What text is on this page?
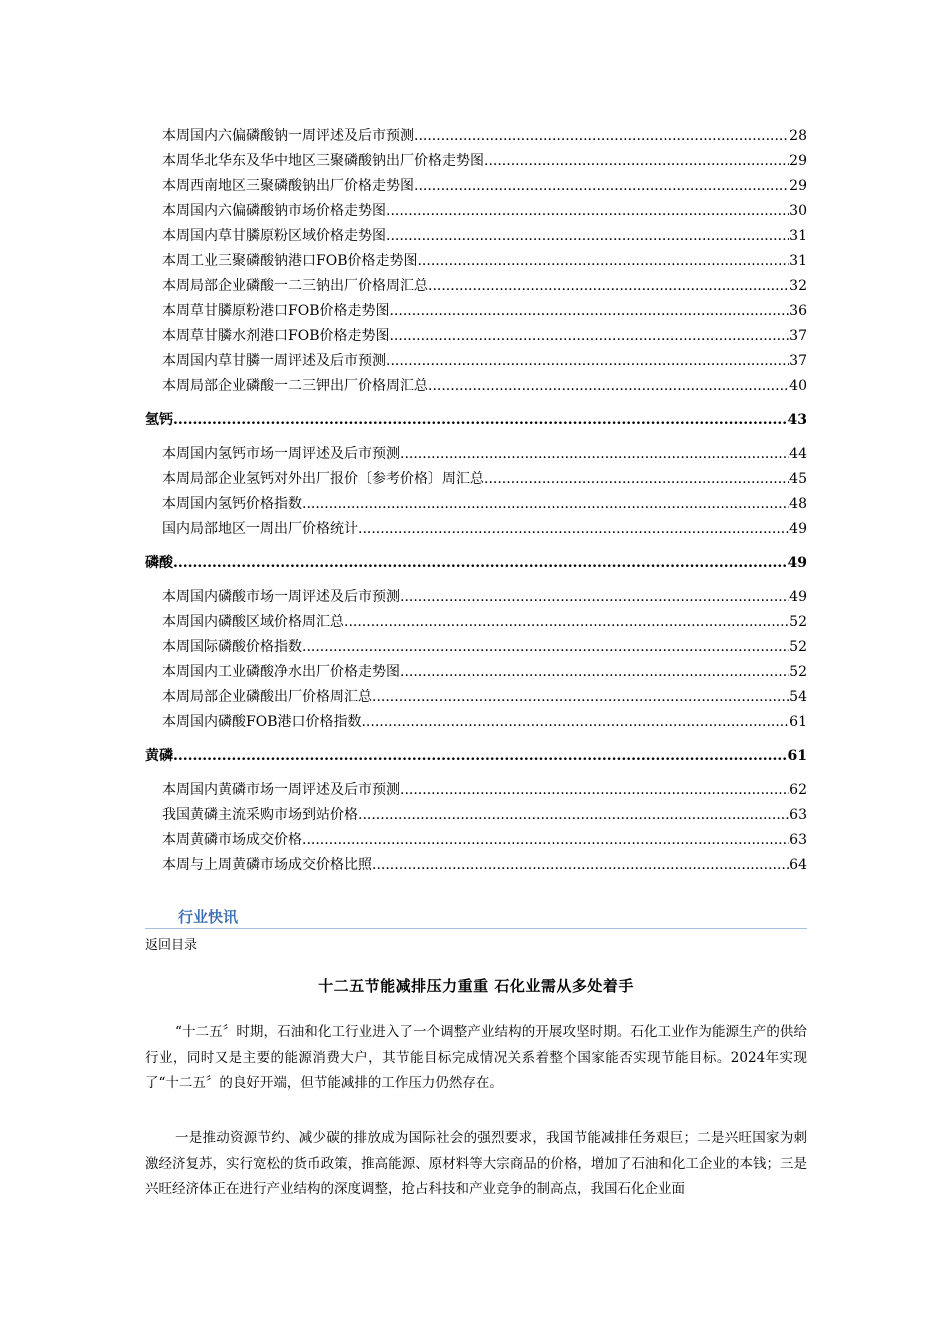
本周国内六偏磷酸钠一周评述及后市预测 .....	28
本周华北华东及华中地区三聚磷酸钠出厂价格走势图 .....	29
本周西南地区三聚磷酸钠出厂价格走势图 .....	29
本周国内六偏磷酸钠市场价格走势图 .....	30
本周国内草甘膦原粉区域价格走势图 .....	31
本周工业三聚磷酸钠港口FOB价格走势图 .....	31
本周局部企业磷酸一二三钠出厂价格周汇总 .....	32
本周草甘膦原粉港口FOB价格走势图 .....	36
本周草甘膦水剂港口FOB价格走势图 .....	37
本周国内草甘膦一周评述及后市预测 .....	37
本周局部企业磷酸一二三钾出厂价格周汇总 .....	40
氢钙 .....	43
本周国内氢钙市场一周评述及后市预测 .....	44
本周局部企业氢钙对外出厂报价〔参考价格〕周汇总 .....	45
本周国内氢钙价格指数 .....	48
国内局部地区一周出厂价格统计 .....	49
磷酸 .....	49
本周国内磷酸市场一周评述及后市预测 .....	49
本周国内磷酸区域价格周汇总 .....	52
本周国际磷酸价格指数 .....	52
本周国内工业磷酸净水出厂价格走势图 .....	52
本周局部企业磷酸出厂价格周汇总 .....	54
本周国内磷酸FOB港口价格指数 .....	61
黄磷 .....	61
本周国内黄磷市场一周评述及后市预测 .....	62
我国黄磷主流采购市场到站价格 .....	63
本周黄磷市场成交价格 .....	63
本周与上周黄磷市场成交价格比照 .....	64
行业快讯
返回目录
十二五节能减排压力重重 石化业需从多处着手
“十二五〞时期，石油和化工行业进入了一个调整产业结构的开展攻坚时期。石化工业作为能源生产的供给行业，同时又是主要的能源消费大户，其节能目标完成情况关系着整个国家能否实现节能目标。2024年实现了“十二五〞的良好开端，但节能减排的工作压力仍然存在。
一是推动资源节约、减少碳的排放成为国际社会的强烈要求，我国节能减排任务艰巨；二是兴旺国家为刺激经济复苏，实行宽松的货币政策，推高能源、原材料等大宗商品的价格，增加了石油和化工企业的本钱；三是兴旺经济体正在进行产业结构的深度调整，抢占科技和产业竞争的制高点，我国石化企业面
